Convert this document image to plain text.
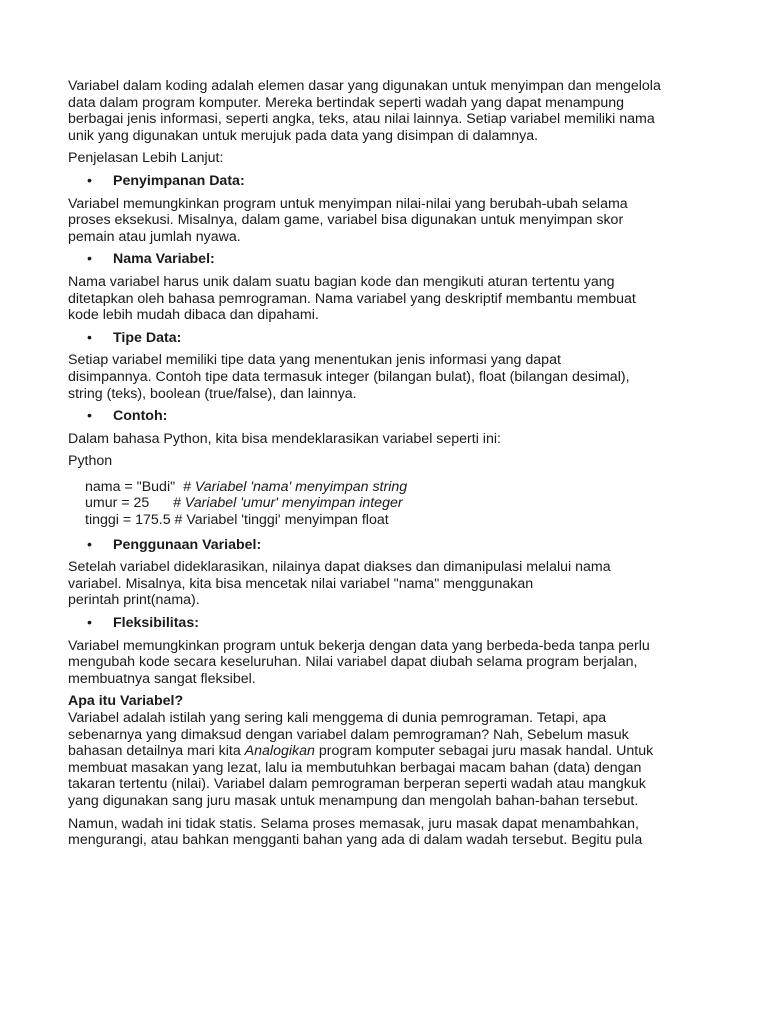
Variabel dalam koding adalah elemen dasar yang digunakan untuk menyimpan dan mengelola
data dalam program komputer. Mereka bertindak seperti wadah yang dapat menampung
berbagai jenis informasi, seperti angka, teks, atau nilai lainnya. Setiap variabel memiliki nama
unik yang digunakan untuk merujuk pada data yang disimpan di dalamnya.

Penjelasan Lebih Lanjut:

• Penyimpanan Data:

Variabel memungkinkan program untuk menyimpan nilai-nilai yang berubah-ubah selama
proses eksekusi. Misalnya, dalam game, variabel bisa digunakan untuk menyimpan skor
pemain atau jumlah nyawa.

• Nama Variabel:

Nama variabel harus unik dalam suatu bagian kode dan mengikuti aturan tertentu yang
ditetapkan oleh bahasa pemrograman. Nama variabel yang deskriptif membantu membuat
kode lebih mudah dibaca dan dipahami.

• Tipe Data:

Setiap variabel memiliki tipe data yang menentukan jenis informasi yang dapat
disimpannya. Contoh tipe data termasuk integer (bilangan bulat), float (bilangan desimal),
string (teks), boolean (true/false), dan lainnya.

• Contoh:

Dalam bahasa Python, kita bisa mendeklarasikan variabel seperti ini:

Python

nama = "Budi"  # Variabel 'nama' menyimpan string
umur = 25      # Variabel 'umur' menyimpan integer
tinggi = 175.5 # Variabel 'tinggi' menyimpan float
• Penggunaan Variabel:

Setelah variabel dideklarasikan, nilainya dapat diakses dan dimanipulasi melalui nama
variabel. Misalnya, kita bisa mencetak nilai variabel "nama" menggunakan
perintah print(nama).

• Fleksibilitas:

Variabel memungkinkan program untuk bekerja dengan data yang berbeda-beda tanpa perlu
mengubah kode secara keseluruhan. Nilai variabel dapat diubah selama program berjalan,
membuatnya sangat fleksibel.

Apa itu Variabel?

Variabel adalah istilah yang sering kali menggema di dunia pemrograman. Tetapi, apa
sebenarnya yang dimaksud dengan variabel dalam pemrograman? Nah, Sebelum masuk
bahasan detailnya mari kita Analogikan program komputer sebagai juru masak handal. Untuk
membuat masakan yang lezat, lalu ia membutuhkan berbagai macam bahan (data) dengan
takaran tertentu (nilai). Variabel dalam pemrograman berperan seperti wadah atau mangkuk
yang digunakan sang juru masak untuk menampung dan mengolah bahan-bahan tersebut.

Namun, wadah ini tidak statis. Selama proses memasak, juru masak dapat menambahkan,
mengurangi, atau bahkan mengganti bahan yang ada di dalam wadah tersebut. Begitu pula
